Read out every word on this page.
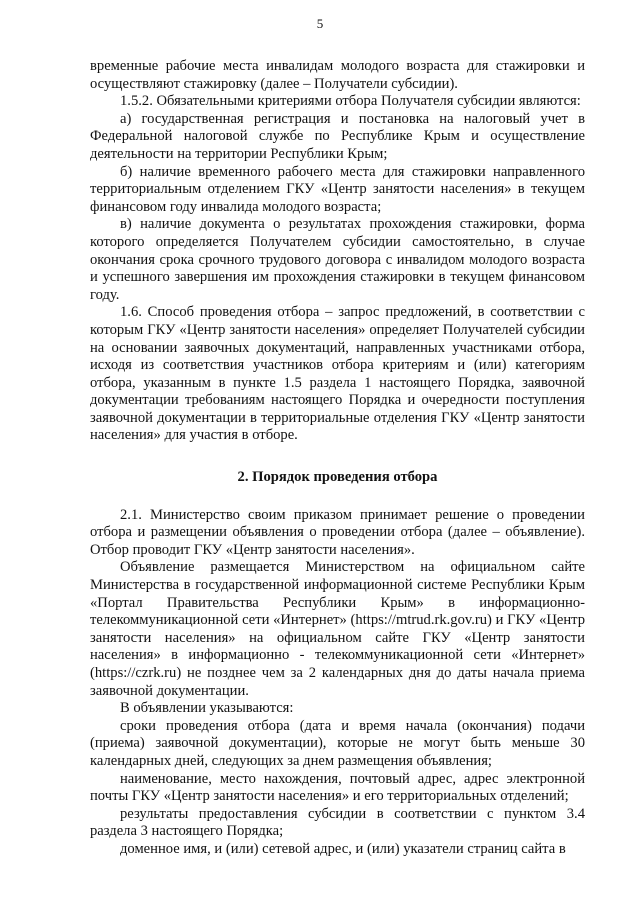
5

временные рабочие места инвалидам молодого возраста для стажировки и осуществляют стажировку (далее – Получатели субсидии).

1.5.2. Обязательными критериями отбора Получателя субсидии являются:

а) государственная регистрация и постановка на налоговый учет в Федеральной налоговой службе по Республике Крым и осуществление деятельности на территории Республики Крым;

б) наличие временного рабочего места для стажировки направленного территориальным отделением ГКУ «Центр занятости населения» в текущем финансовом году инвалида молодого возраста;

в) наличие документа о результатах прохождения стажировки, форма которого определяется Получателем субсидии самостоятельно, в случае окончания срока срочного трудового договора с инвалидом молодого возраста и успешного завершения им прохождения стажировки в текущем финансовом году.

1.6. Способ проведения отбора – запрос предложений, в соответствии с которым ГКУ «Центр занятости населения» определяет Получателей субсидии на основании заявочных документаций, направленных участниками отбора, исходя из соответствия участников отбора критериям и (или) категориям отбора, указанным в пункте 1.5 раздела 1 настоящего Порядка, заявочной документации требованиям настоящего Порядка и очередности поступления заявочной документации в территориальные отделения ГКУ «Центр занятости населения» для участия в отборе.

2. Порядок проведения отбора

2.1. Министерство своим приказом принимает решение о проведении отбора и размещении объявления о проведении отбора (далее – объявление). Отбор проводит ГКУ «Центр занятости населения».

Объявление размещается Министерством на официальном сайте Министерства в государственной информационной системе Республики Крым «Портал Правительства Республики Крым» в информационно-телекоммуникационной сети «Интернет» (https://mtrud.rk.gov.ru) и ГКУ «Центр занятости населения» на официальном сайте ГКУ «Центр занятости населения» в информационно - телекоммуникационной сети «Интернет» (https://czrk.ru) не позднее чем за 2 календарных дня до даты начала приема заявочной документации.

В объявлении указываются:

сроки проведения отбора (дата и время начала (окончания) подачи (приема) заявочной документации), которые не могут быть меньше 30 календарных дней, следующих за днем размещения объявления;

наименование, место нахождения, почтовый адрес, адрес электронной почты ГКУ «Центр занятости населения» и его территориальных отделений;

результаты предоставления субсидии в соответствии с пунктом 3.4 раздела 3 настоящего Порядка;

доменное имя, и (или) сетевой адрес, и (или) указатели страниц сайта в
